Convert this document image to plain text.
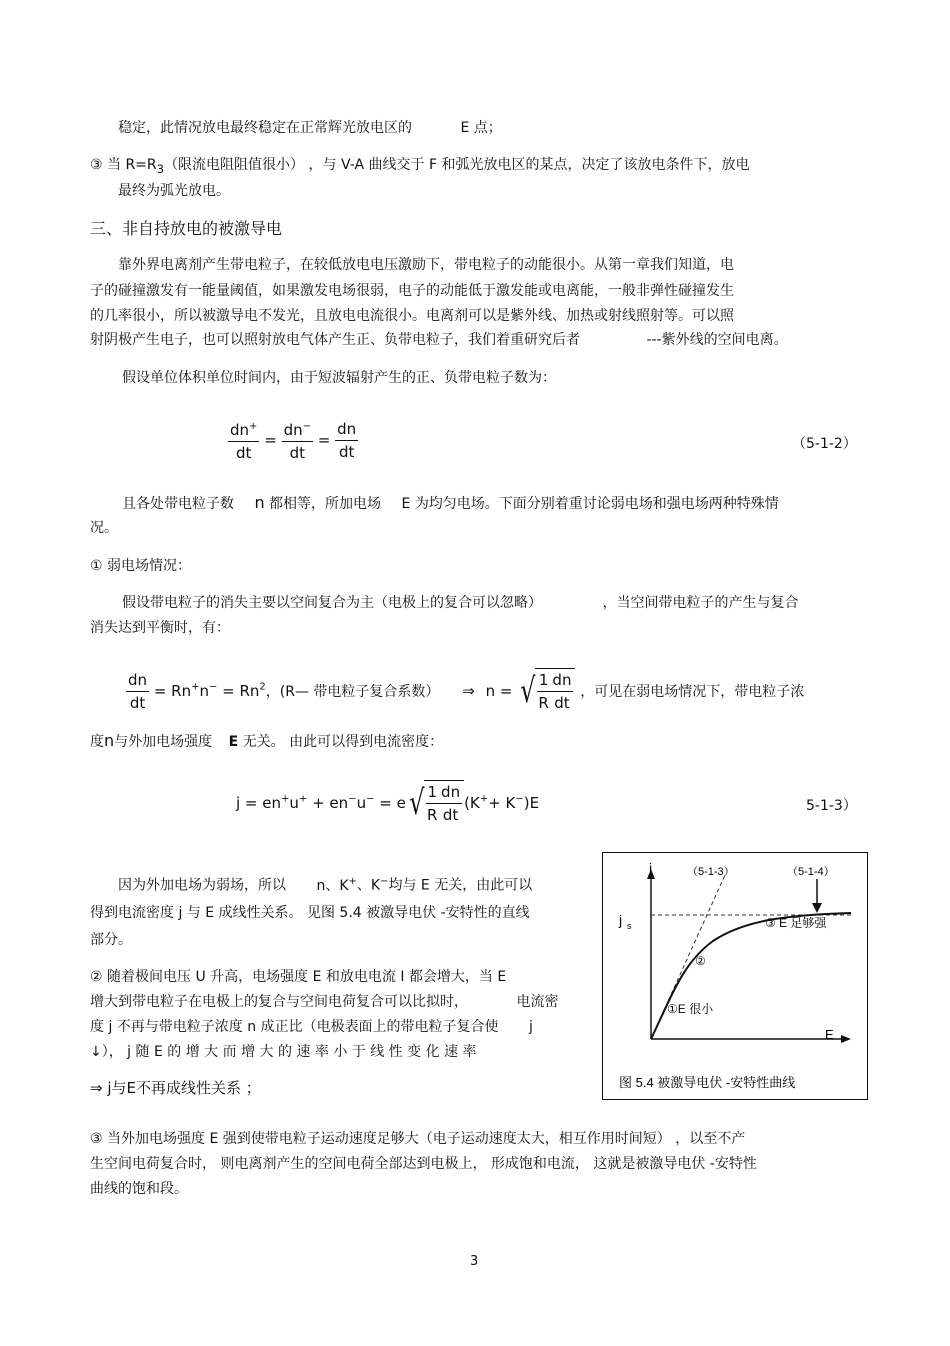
稳定，此情况放电最终稳定在正常辉光放电区的	E 点；
③ 当 $R=R_3$（限流电阻阻值很小） ，与 V-A 曲线交于 F 和弧光放电区的某点，决定了该放电条件下，放电
最终为弧光放电。
三、非自持放电的被激导电
靠外界电离剂产生带电粒子，在较低放电电压激励下，带电粒子的动能很小。从第一章我们知道，电
子的碰撞激发有一能量阈值，如果激发电场很弱，电子的动能低于激发能或电离能，一般非弹性碰撞发生
的几率很小，所以被激导电不发光，且放电电流很小。电离剂可以是紫外线、加热或射线照射等。可以照
射阴极产生电子，也可以照射放电气体产生正、负带电粒子，我们着重研究后者	---紫外线的空间电离。
假设单位体积单位时间内，由于短波辐射产生的正、负带电粒子数为：
$\frac{dn^+}{dt} = \frac{dn^-}{dt} = \frac{dn}{dt}$	（5-1-2）
且各处带电粒子数 n 都相等，所加电场 E 为均匀电场。下面分别着重讨论弱电场和强电场两种特殊情
况。
① 弱电场情况：
假设带电粒子的消失主要以空间复合为主（电极上的复合可以忽略）	，当空间带电粒子的产生与复合
消失达到平衡时，有：
$\frac{dn}{dt} = Rn^+n^- = Rn^2$，(R— 带电粒子复合系数） ⇒ n = √ $\frac{1}{R} \frac{dn}{dt}$ ，可见在弱电场情况下，带电粒子浓
度n与外加电场强度 E 无关。 由此可以得到电流密度：
$j = en^+u^+ + en^-u^- = e√ \frac{1}{R} \frac{dn}{dt} (K^++ K^-)E$	5-1-3）
因为外加电场为弱场，所以 n、K+、K−均与 E 无关，由此可以
得到电流密度 j 与 E 成线性关系。 见图 5.4 被激导电伏 -安特性的直线
部分。
② 随着极间电压 U 升高，电场强度 E 和放电电流 I 都会增大，当 E
增大到带电粒子在电极上的复合与空间电荷复合可以比拟时，	电流密
度 j 不再与带电粒子浓度 n 成正比（电极表面上的带电粒子复合使 j
↓）， j 随 E 的 增 大 而 增 大 的 速 率 小 于 线 性 变 化 速 率
⇒ j与E不再成线性关系 ；
j
E
j s
（5-1-3）	（5-1-4）
③ E 足够强
②
①E 很小
图 5.4 被激导电伏 -安特性曲线
③ 当外加电场强度 E 强到使带电粒子运动速度足够大（电子运动速度太大，相互作用时间短） ，以至不产
生空间电荷复合时， 则电离剂产生的空间电荷全部达到电极上， 形成饱和电流， 这就是被激导电伏 -安特性
曲线的饱和段。
3
